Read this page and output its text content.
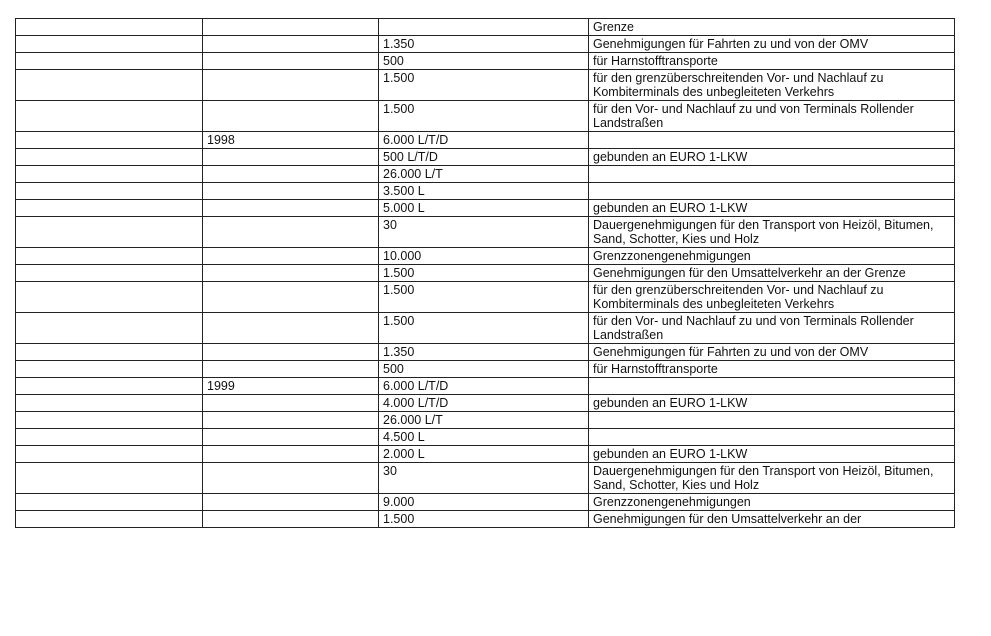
			Grenze
		1.350	Genehmigungen für Fahrten zu und von der OMV
		500	für Harnstofftransporte
		1.500	für den grenzüberschreitenden Vor- und Nachlauf zu Kombiterminals des unbegleiteten Verkehrs
		1.500	für den Vor- und Nachlauf zu und von Terminals Rollender Landstraßen
	1998	6.000 L/T/D	
		500 L/T/D	gebunden an EURO 1-LKW
		26.000 L/T	
		3.500 L	
		5.000 L	gebunden an EURO 1-LKW
		30	Dauergenehmigungen für den Transport von Heizöl, Bitumen, Sand, Schotter, Kies und Holz
		10.000	Grenzzonengenehmigungen
		1.500	Genehmigungen für den Umsattelverkehr an der Grenze
		1.500	für den grenzüberschreitenden Vor- und Nachlauf zu Kombiterminals des unbegleiteten Verkehrs
		1.500	für den Vor- und Nachlauf zu und von Terminals Rollender Landstraßen
		1.350	Genehmigungen für Fahrten zu und von der OMV
		500	für Harnstofftransporte
	1999	6.000 L/T/D	
		4.000 L/T/D	gebunden an EURO 1-LKW
		26.000 L/T	
		4.500 L	
		2.000 L	gebunden an EURO 1-LKW
		30	Dauergenehmigungen für den Transport von Heizöl, Bitumen, Sand, Schotter, Kies und Holz
		9.000	Grenzzonengenehmigungen
		1.500	Genehmigungen für den Umsattelverkehr an der
